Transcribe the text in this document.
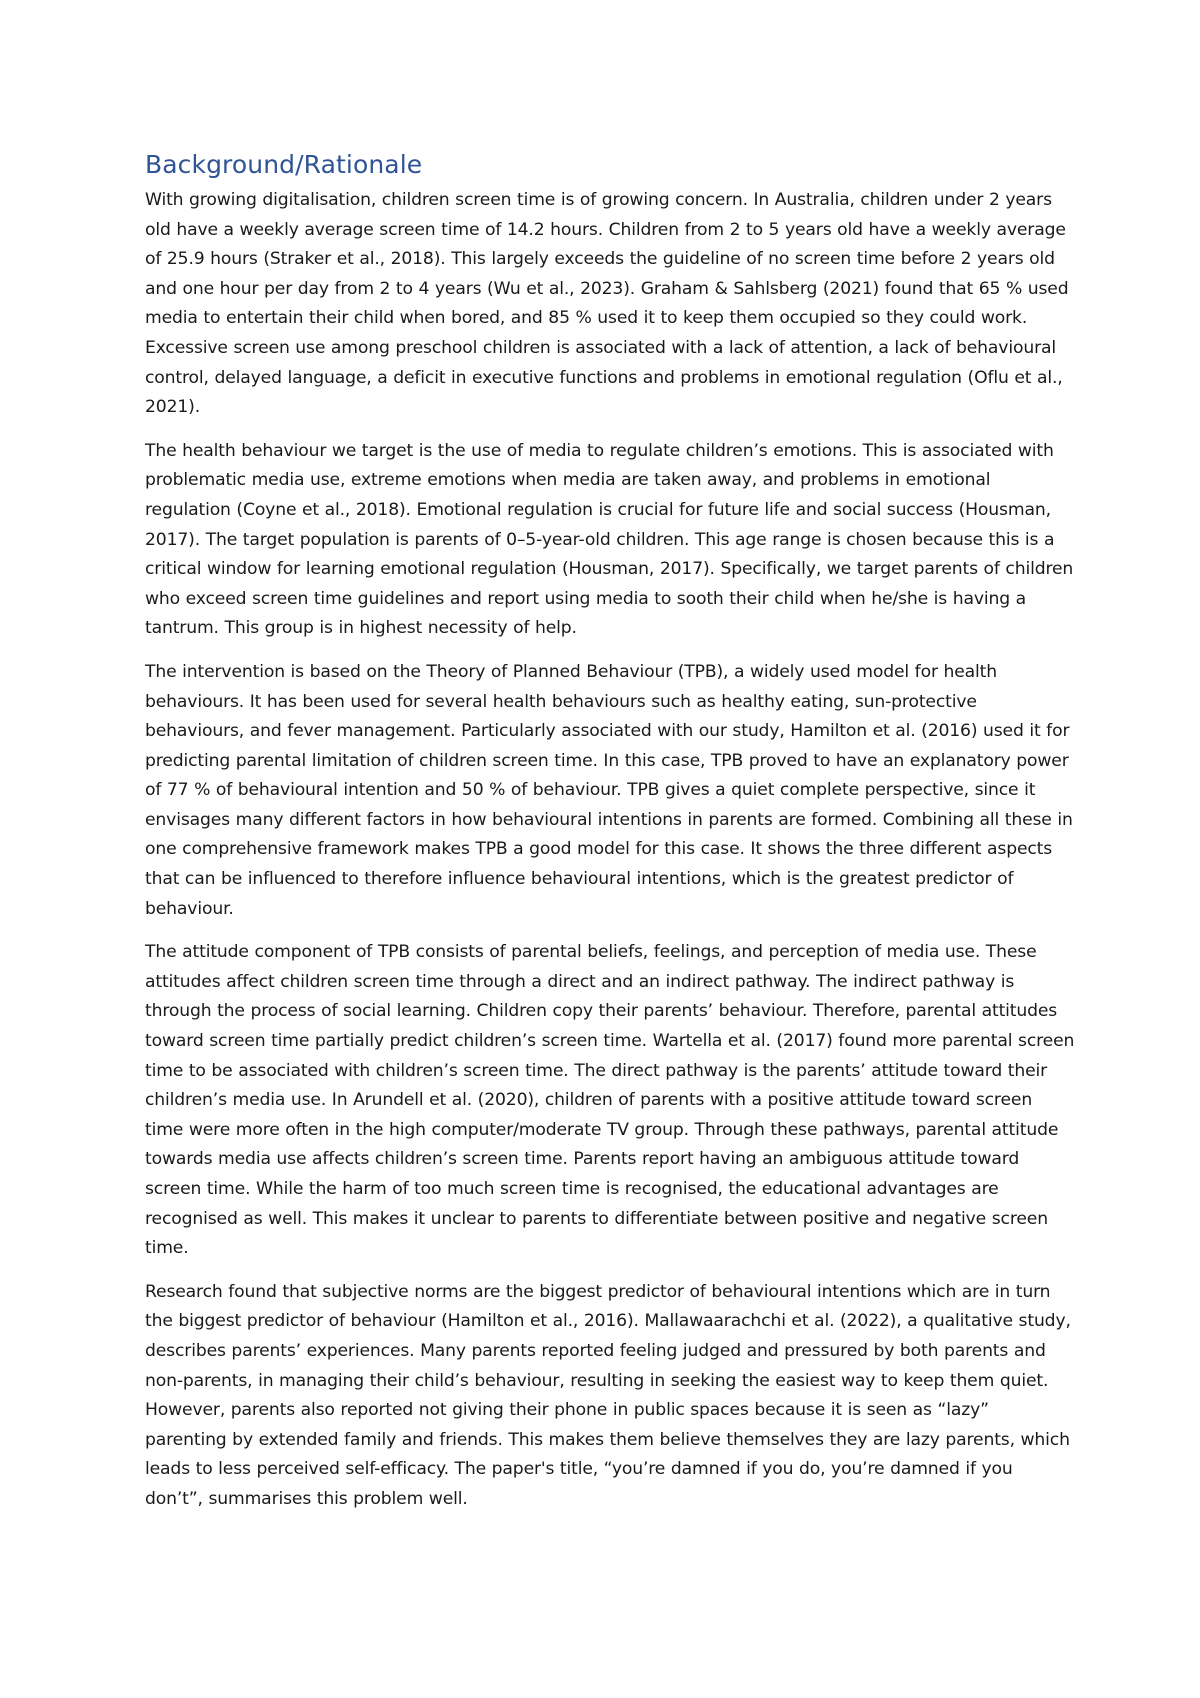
Background/Rationale

With growing digitalisation, children screen time is of growing concern. In Australia, children under 2 years old have a weekly average screen time of 14.2 hours. Children from 2 to 5 years old have a weekly average of 25.9 hours (Straker et al., 2018). This largely exceeds the guideline of no screen time before 2 years old and one hour per day from 2 to 4 years (Wu et al., 2023). Graham & Sahlsberg (2021) found that 65 % used media to entertain their child when bored, and 85 % used it to keep them occupied so they could work. Excessive screen use among preschool children is associated with a lack of attention, a lack of behavioural control, delayed language, a deficit in executive functions and problems in emotional regulation (Oflu et al., 2021).

The health behaviour we target is the use of media to regulate children’s emotions. This is associated with problematic media use, extreme emotions when media are taken away, and problems in emotional regulation (Coyne et al., 2018). Emotional regulation is crucial for future life and social success (Housman, 2017). The target population is parents of 0–5-year-old children. This age range is chosen because this is a critical window for learning emotional regulation (Housman, 2017). Specifically, we target parents of children who exceed screen time guidelines and report using media to sooth their child when he/she is having a tantrum. This group is in highest necessity of help.

The intervention is based on the Theory of Planned Behaviour (TPB), a widely used model for health behaviours. It has been used for several health behaviours such as healthy eating, sun-protective behaviours, and fever management. Particularly associated with our study, Hamilton et al. (2016) used it for predicting parental limitation of children screen time. In this case, TPB proved to have an explanatory power of 77 % of behavioural intention and 50 % of behaviour. TPB gives a quiet complete perspective, since it envisages many different factors in how behavioural intentions in parents are formed. Combining all these in one comprehensive framework makes TPB a good model for this case. It shows the three different aspects that can be influenced to therefore influence behavioural intentions, which is the greatest predictor of behaviour.

The attitude component of TPB consists of parental beliefs, feelings, and perception of media use. These attitudes affect children screen time through a direct and an indirect pathway. The indirect pathway is through the process of social learning. Children copy their parents’ behaviour. Therefore, parental attitudes toward screen time partially predict children’s screen time. Wartella et al. (2017) found more parental screen time to be associated with children’s screen time. The direct pathway is the parents’ attitude toward their children’s media use. In Arundell et al. (2020), children of parents with a positive attitude toward screen time were more often in the high computer/moderate TV group. Through these pathways, parental attitude towards media use affects children’s screen time. Parents report having an ambiguous attitude toward screen time. While the harm of too much screen time is recognised, the educational advantages are recognised as well. This makes it unclear to parents to differentiate between positive and negative screen time.

Research found that subjective norms are the biggest predictor of behavioural intentions which are in turn the biggest predictor of behaviour (Hamilton et al., 2016). Mallawaarachchi et al. (2022), a qualitative study, describes parents’ experiences. Many parents reported feeling judged and pressured by both parents and non-parents, in managing their child’s behaviour, resulting in seeking the easiest way to keep them quiet. However, parents also reported not giving their phone in public spaces because it is seen as “lazy” parenting by extended family and friends. This makes them believe themselves they are lazy parents, which leads to less perceived self-efficacy. The paper's title, “you’re damned if you do, you’re damned if you don’t”, summarises this problem well.
